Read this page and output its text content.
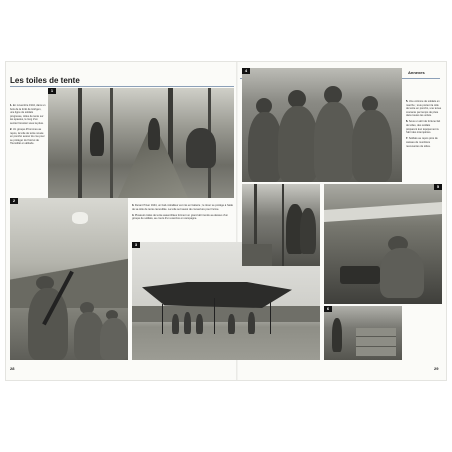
Les toiles de tente
Annexes

1. En novembre 1944, dans un bois de la forêt de Hürtgen, une ligne de soldats progresse, toiles de tente sur les épaules, le long d'un sentier forestier sous la pluie.

2. Un groupe d'hommes au repos, la toile de tente nouée en poncho autour du cou pour se protéger du froid et de l'humidité en altitude.

1
2

3. Durant l'hiver 1944, un fusil-mitrailleur est mis en batterie ; le tireur se protège à l'aide de sa toile de tente camouflée. La toile sert aussi de couverture pour l'arme.

4. Plusieurs toiles de tente assemblées forment un grand abri tendu au-dessus d'un groupe de soldats, au cours d'un exercice en campagne.

3
4

5. Une colonne de soldats en marche ; tous portent la toile de tente en poncho, une tenue courante par temps de pluie dans toutes les unités.

6. Sous un abri de fortune fait de toiles, des soldats préparent leur équipement à l'abri des intempéries.

7. Soldats au repos près de caisses de munitions recouvertes de toiles.

5
6
28	29
